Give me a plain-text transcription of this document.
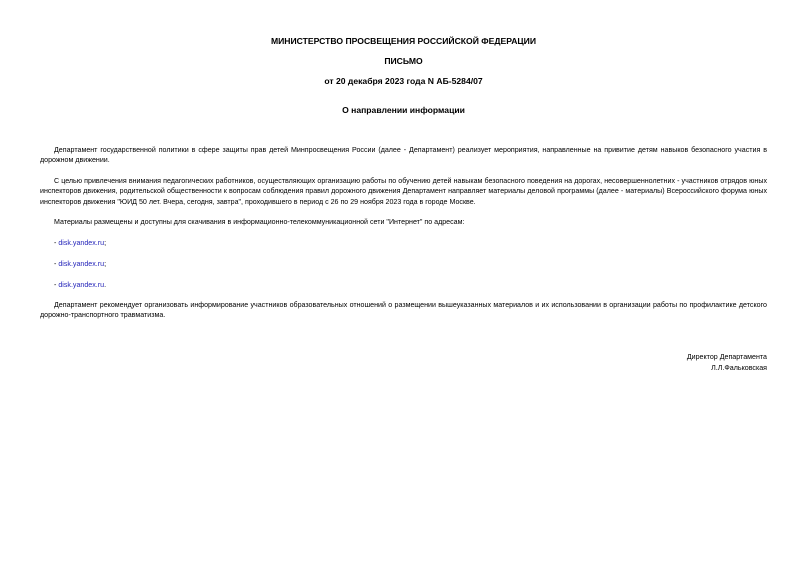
МИНИСТЕРСТВО ПРОСВЕЩЕНИЯ РОССИЙСКОЙ ФЕДЕРАЦИИ
ПИСЬМО
от 20 декабря 2023 года N АБ-5284/07
О направлении информации
Департамент государственной политики в сфере защиты прав детей Минпросвещения России (далее - Департамент) реализует мероприятия, направленные на привитие детям навыков безопасного участия в дорожном движении.
С целью привлечения внимания педагогических работников, осуществляющих организацию работы по обучению детей навыкам безопасного поведения на дорогах, несовершеннолетних - участников отрядов юных инспекторов движения, родительской общественности к вопросам соблюдения правил дорожного движения Департамент направляет материалы деловой программы (далее - материалы) Всероссийского форума юных инспекторов движения "ЮИД 50 лет. Вчера, сегодня, завтра", проходившего в период с 26 по 29 ноября 2023 года в городе Москве.
Материалы размещены и доступны для скачивания в информационно-телекоммуникационной сети "Интернет" по адресам:
- disk.yandex.ru;
- disk.yandex.ru;
- disk.yandex.ru.
Департамент рекомендует организовать информирование участников образовательных отношений о размещении вышеуказанных материалов и их использовании в организации работы по профилактике детского дорожно-транспортного травматизма.
Директор Департамента
Л.Л.Фальковская
